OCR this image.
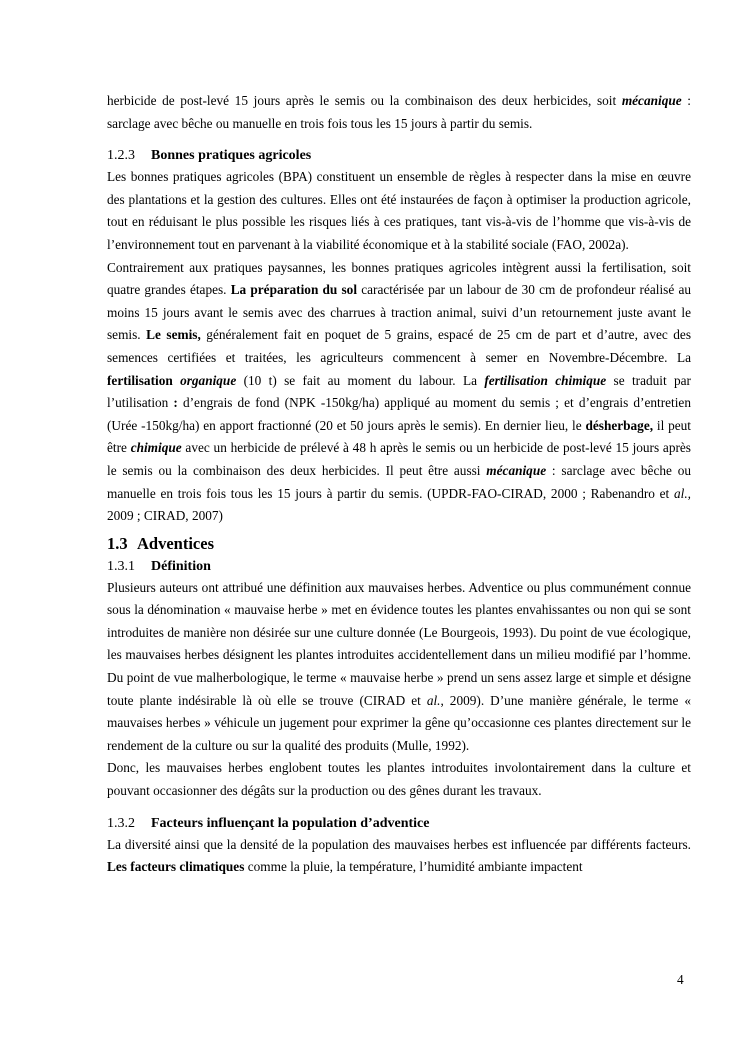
herbicide de post-levé 15 jours après le semis ou la combinaison des deux herbicides, soit mécanique : sarclage avec bêche ou manuelle en trois fois tous les 15 jours à partir du semis.

1.2.3 Bonnes pratiques agricoles

Les bonnes pratiques agricoles (BPA) constituent un ensemble de règles à respecter dans la mise en œuvre des plantations et la gestion des cultures. Elles ont été instaurées de façon à optimiser la production agricole, tout en réduisant le plus possible les risques liés à ces pratiques, tant vis-à-vis de l’homme que vis-à-vis de l’environnement tout en parvenant à la viabilité économique et à la stabilité sociale (FAO, 2002a).

Contrairement aux pratiques paysannes, les bonnes pratiques agricoles intègrent aussi la fertilisation, soit quatre grandes étapes. La préparation du sol caractérisée par un labour de 30 cm de profondeur réalisé au moins 15 jours avant le semis avec des charrues à traction animal, suivi d’un retournement juste avant le semis. Le semis, généralement fait en poquet de 5 grains, espacé de 25 cm de part et d’autre, avec des semences certifiées et traitées, les agriculteurs commencent à semer en Novembre-Décembre. La fertilisation organique (10 t) se fait au moment du labour. La fertilisation chimique se traduit par l’utilisation : d’engrais de fond (NPK -150kg/ha) appliqué au moment du semis ; et d’engrais d’entretien (Urée -150kg/ha) en apport fractionné (20 et 50 jours après le semis). En dernier lieu, le désherbage, il peut être chimique avec un herbicide de prélevé à 48 h après le semis ou un herbicide de post-levé 15 jours après le semis ou la combinaison des deux herbicides. Il peut être aussi mécanique : sarclage avec bêche ou manuelle en trois fois tous les 15 jours à partir du semis. (UPDR-FAO-CIRAD, 2000 ; Rabenandro et al., 2009 ; CIRAD, 2007)

1.3 Adventices
1.3.1 Définition

Plusieurs auteurs ont attribué une définition aux mauvaises herbes. Adventice ou plus communément connue sous la dénomination « mauvaise herbe » met en évidence toutes les plantes envahissantes ou non qui se sont introduites de manière non désirée sur une culture donnée (Le Bourgeois, 1993). Du point de vue écologique, les mauvaises herbes désignent les plantes introduites accidentellement dans un milieu modifié par l’homme. Du point de vue malherbologique, le terme « mauvaise herbe » prend un sens assez large et simple et désigne toute plante indésirable là où elle se trouve (CIRAD et al., 2009). D’une manière générale, le terme « mauvaises herbes » véhicule un jugement pour exprimer la gêne qu’occasionne ces plantes directement sur le rendement de la culture ou sur la qualité des produits (Mulle, 1992).

Donc, les mauvaises herbes englobent toutes les plantes introduites involontairement dans la culture et pouvant occasionner des dégâts sur la production ou des gênes durant les travaux.

1.3.2 Facteurs influençant la population d’adventice

La diversité ainsi que la densité de la population des mauvaises herbes est influencée par différents facteurs. Les facteurs climatiques comme la pluie, la température, l’humidité ambiante impactent

4
